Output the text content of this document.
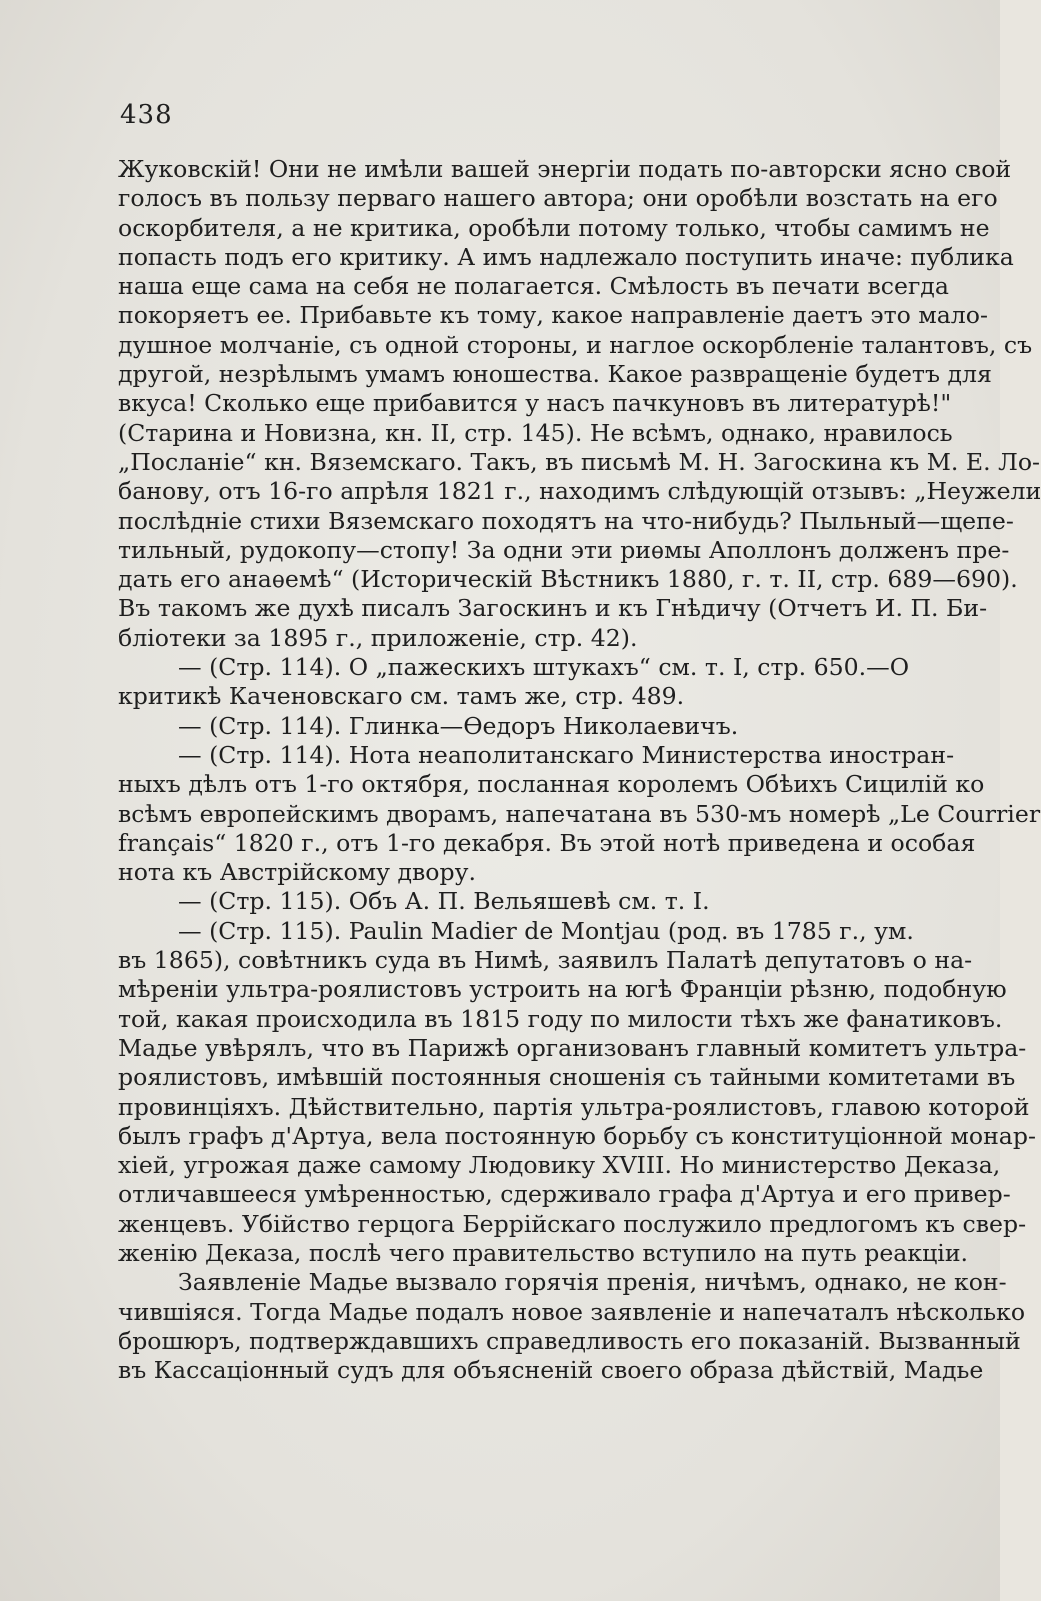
438
Жуковскій! Они не имѣли вашей энергіи подать по-авторски ясно свой
голосъ въ пользу перваго нашего автора; они оробѣли возстать на его
оскорбителя, а не критика, оробѣли потому только, чтобы самимъ не
попасть подъ его критику. А имъ надлежало поступить иначе: публика
наша еще сама на себя не полагается. Смѣлость въ печати всегда
покоряетъ ее. Прибавьте къ тому, какое направленіе даетъ это мало-
душное молчаніе, съ одной стороны, и наглое оскорбленіе талантовъ, съ
другой, незрѣлымъ умамъ юношества. Какое развращеніе будетъ для
вкуса! Сколько еще прибавится у насъ пачкуновъ въ литературѣ!"
(Старина и Новизна, кн. II, стр. 145). Не всѣмъ, однако, нравилось
„Посланіе“ кн. Вяземскаго. Такъ, въ письмѣ М. Н. Загоскина къ М. Е. Ло-
банову, отъ 16-го апрѣля 1821 г., находимъ слѣдующій отзывъ: „Неужели
послѣдніе стихи Вяземскаго походятъ на что-нибудь? Пыльный—щепе-
тильный, рудокопу—стопу! За одни эти риѳмы Аполлонъ долженъ пре-
дать его анаѳемѣ“ (Историческій Вѣстникъ 1880, г. т. II, стр. 689—690).
Въ такомъ же духѣ писалъ Загоскинъ и къ Гнѣдичу (Отчетъ И. П. Би-
бліотеки за 1895 г., приложеніе, стр. 42).
— (Стр. 114). О „пажескихъ штукахъ“ см. т. I, стр. 650.—О
критикѣ Каченовскаго см. тамъ же, стр. 489.
— (Стр. 114). Глинка—Ѳедоръ Николаевичъ.
— (Стр. 114). Нота неаполитанскаго Министерства иностран-
ныхъ дѣлъ отъ 1-го октября, посланная королемъ Обѣихъ Сицилій ко
всѣмъ европейскимъ дворамъ, напечатана въ 530-мъ номерѣ „Le Courrier
français“ 1820 г., отъ 1-го декабря. Въ этой нотѣ приведена и особая
нота къ Австрійскому двору.
— (Стр. 115). Объ А. П. Вельяшевѣ см. т. I.
— (Стр. 115). Paulin Madier de Montjau (род. въ 1785 г., ум.
въ 1865), совѣтникъ суда въ Нимѣ, заявилъ Палатѣ депутатовъ о на-
мѣреніи ультра-роялистовъ устроить на югѣ Франціи рѣзню, подобную
той, какая происходила въ 1815 году по милости тѣхъ же фанатиковъ.
Мадье увѣрялъ, что въ Парижѣ организованъ главный комитетъ ультра-
роялистовъ, имѣвшій постоянныя сношенія съ тайными комитетами въ
провинціяхъ. Дѣйствительно, партія ультра-роялистовъ, главою которой
былъ графъ д'Артуа, вела постоянную борьбу съ конституціонной монар-
хіей, угрожая даже самому Людовику XVIII. Но министерство Деказа,
отличавшееся умѣренностью, сдерживало графа д'Артуа и его привер-
женцевъ. Убійство герцога Беррійскаго послужило предлогомъ къ свер-
женію Деказа, послѣ чего правительство вступило на путь реакціи.
Заявленіе Мадье вызвало горячія пренія, ничѣмъ, однако, не кон-
чившіяся. Тогда Мадье подалъ новое заявленіе и напечаталъ нѣсколько
брошюръ, подтверждавшихъ справедливость его показаній. Вызванный
въ Кассаціонный судъ для объясненій своего образа дѣйствій, Мадье
